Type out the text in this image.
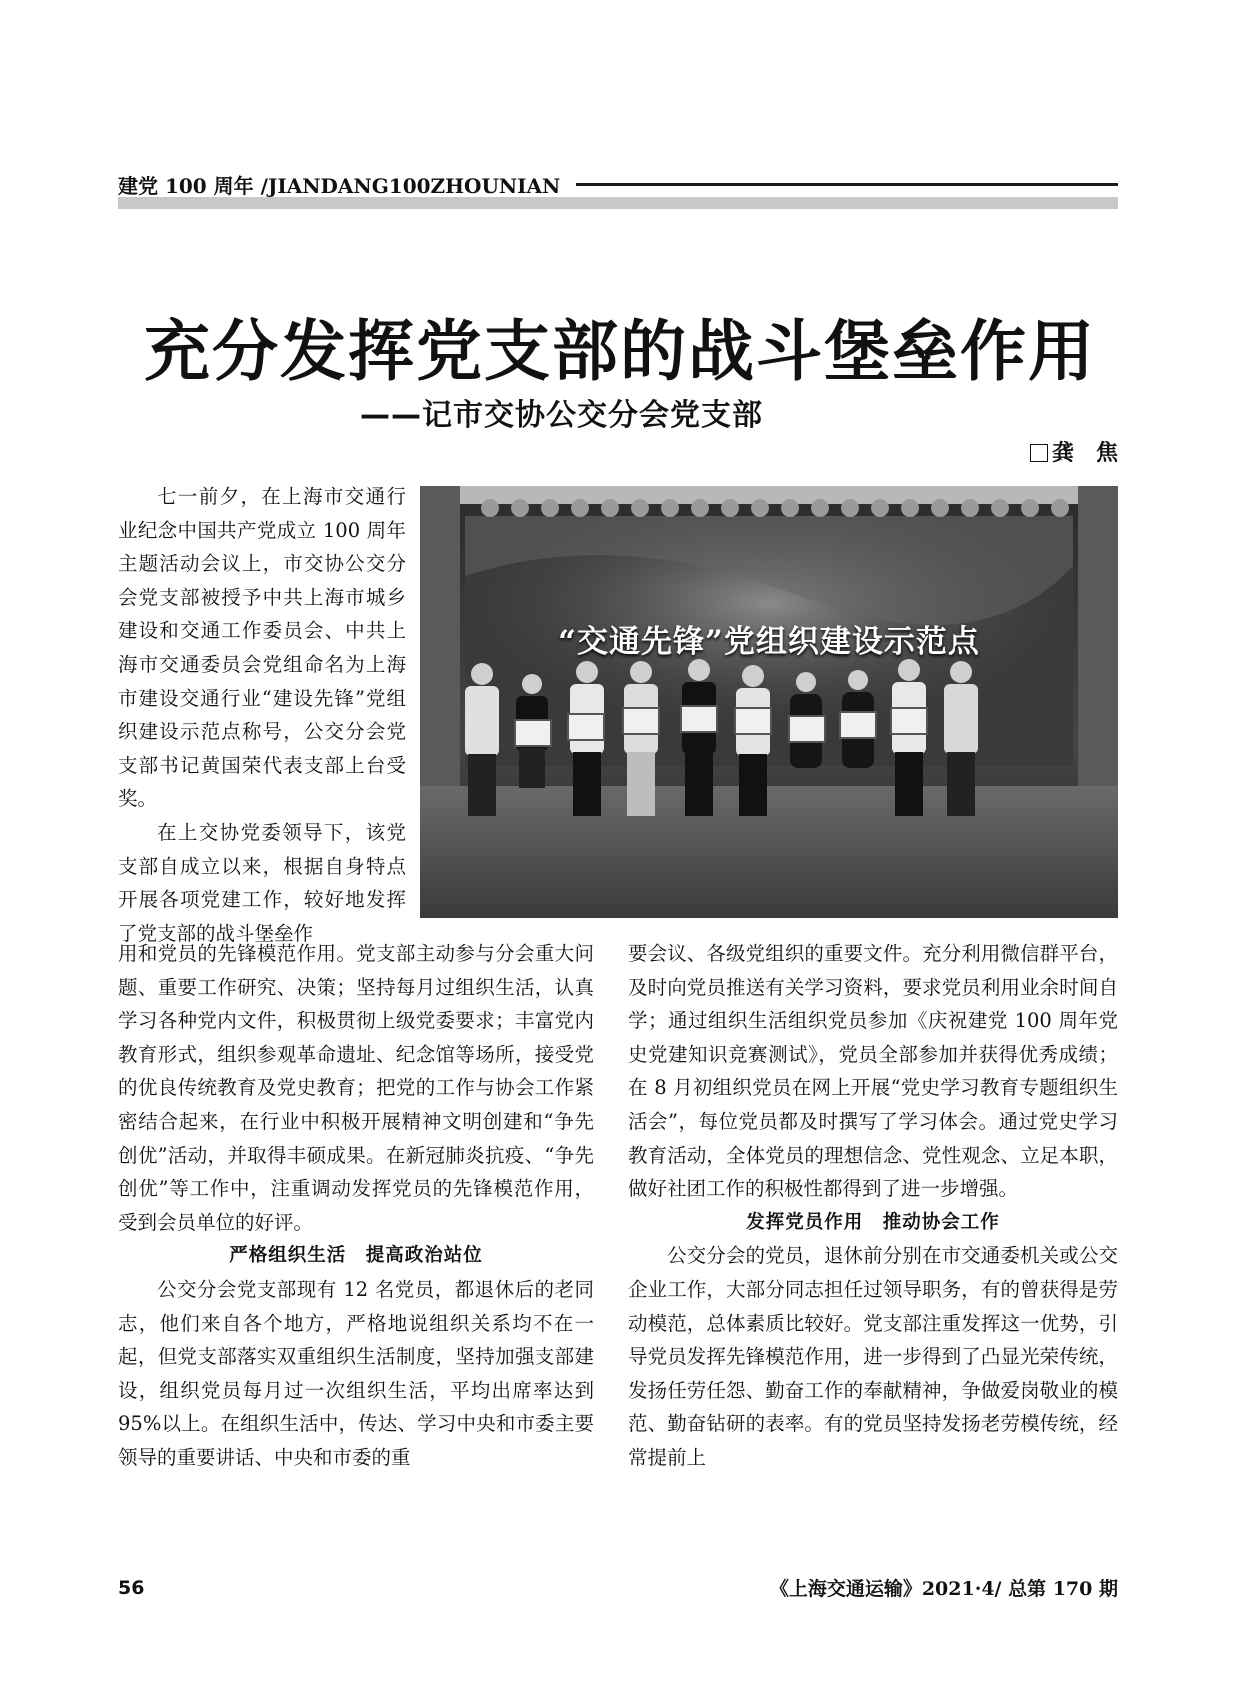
建党 100 周年 /JIANDANG100ZHOUNIAN
充分发挥党支部的战斗堡垒作用
——记市交协公交分会党支部
龚　焦

七一前夕，在上海市交通行业纪念中国共产党成立 100 周年主题活动会议上，市交协公交分会党支部被授予中共上海市城乡建设和交通工作委员会、中共上海市交通委员会党组命名为上海市建设交通行业“建设先锋”党组织建设示范点称号，公交分会党支部书记黄国荣代表支部上台受奖。

在上交协党委领导下，该党支部自成立以来，根据自身特点开展各项党建工作，较好地发挥了党支部的战斗堡垒作

“交通先锋”党组织建设示范点

用和党员的先锋模范作用。党支部主动参与分会重大问题、重要工作研究、决策；坚持每月过组织生活，认真学习各种党内文件，积极贯彻上级党委要求；丰富党内教育形式，组织参观革命遗址、纪念馆等场所，接受党的优良传统教育及党史教育；把党的工作与协会工作紧密结合起来，在行业中积极开展精神文明创建和“争先创优”活动，并取得丰硕成果。在新冠肺炎抗疫、“争先创优”等工作中，注重调动发挥党员的先锋模范作用，受到会员单位的好评。

严格组织生活　提高政治站位

公交分会党支部现有 12 名党员，都退休后的老同志，他们来自各个地方，严格地说组织关系均不在一起，但党支部落实双重组织生活制度，坚持加强支部建设，组织党员每月过一次组织生活，平均出席率达到 95%以上。在组织生活中，传达、学习中央和市委主要领导的重要讲话、中央和市委的重

要会议、各级党组织的重要文件。充分利用微信群平台，及时向党员推送有关学习资料，要求党员利用业余时间自学；通过组织生活组织党员参加《庆祝建党 100 周年党史党建知识竞赛测试》，党员全部参加并获得优秀成绩；在 8 月初组织党员在网上开展“党史学习教育专题组织生活会”，每位党员都及时撰写了学习体会。通过党史学习教育活动，全体党员的理想信念、党性观念、立足本职，做好社团工作的积极性都得到了进一步增强。

发挥党员作用　推动协会工作

公交分会的党员，退休前分别在市交通委机关或公交企业工作，大部分同志担任过领导职务，有的曾获得是劳动模范，总体素质比较好。党支部注重发挥这一优势，引导党员发挥先锋模范作用，进一步得到了凸显光荣传统，发扬任劳任怨、勤奋工作的奉献精神，争做爱岗敬业的模范、勤奋钻研的表率。有的党员坚持发扬老劳模传统，经常提前上

56	《上海交通运输》2021·4/ 总第 170 期
